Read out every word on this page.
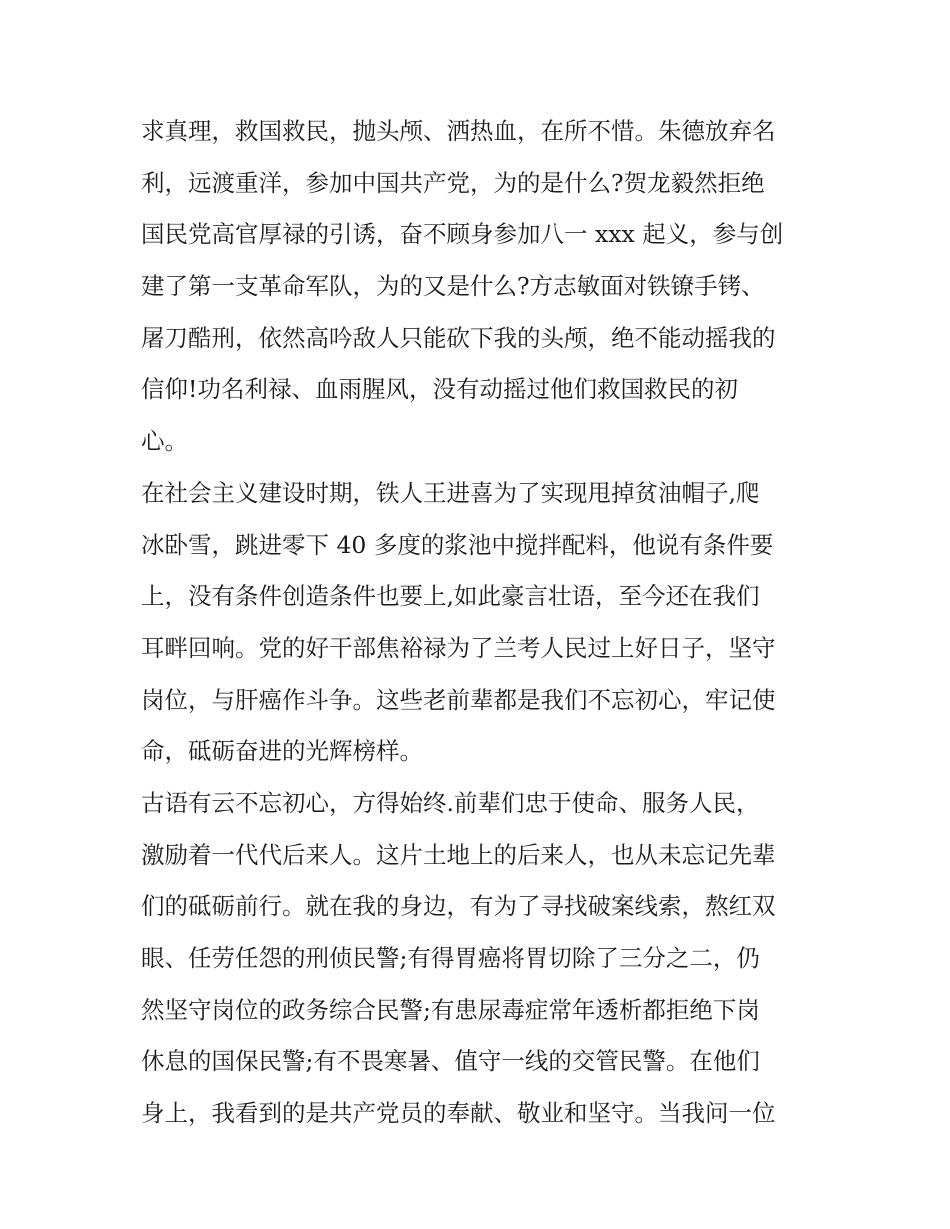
求真理，救国救民，抛头颅、洒热血，在所不惜。朱德放弃名
利，远渡重洋，参加中国共产党，为的是什么?贺龙毅然拒绝
国民党高官厚禄的引诱，奋不顾身参加八一 xxx 起义，参与创
建了第一支革命军队，为的又是什么?方志敏面对铁镣手铐、
屠刀酷刑，依然高吟敌人只能砍下我的头颅，绝不能动摇我的
信仰!功名利禄、血雨腥风，没有动摇过他们救国救民的初
心。
在社会主义建设时期，铁人王进喜为了实现甩掉贫油帽子,爬
冰卧雪，跳进零下 40 多度的浆池中搅拌配料，他说有条件要
上，没有条件创造条件也要上,如此豪言壮语，至今还在我们
耳畔回响。党的好干部焦裕禄为了兰考人民过上好日子，坚守
岗位，与肝癌作斗争。这些老前辈都是我们不忘初心，牢记使
命，砥砺奋进的光辉榜样。
古语有云不忘初心，方得始终.前辈们忠于使命、服务人民，
激励着一代代后来人。这片土地上的后来人，也从未忘记先辈
们的砥砺前行。就在我的身边，有为了寻找破案线索，熬红双
眼、任劳任怨的刑侦民警;有得胃癌将胃切除了三分之二，仍
然坚守岗位的政务综合民警;有患尿毒症常年透析都拒绝下岗
休息的国保民警;有不畏寒暑、值守一线的交管民警。在他们
身上，我看到的是共产党员的奉献、敬业和坚守。当我问一位
